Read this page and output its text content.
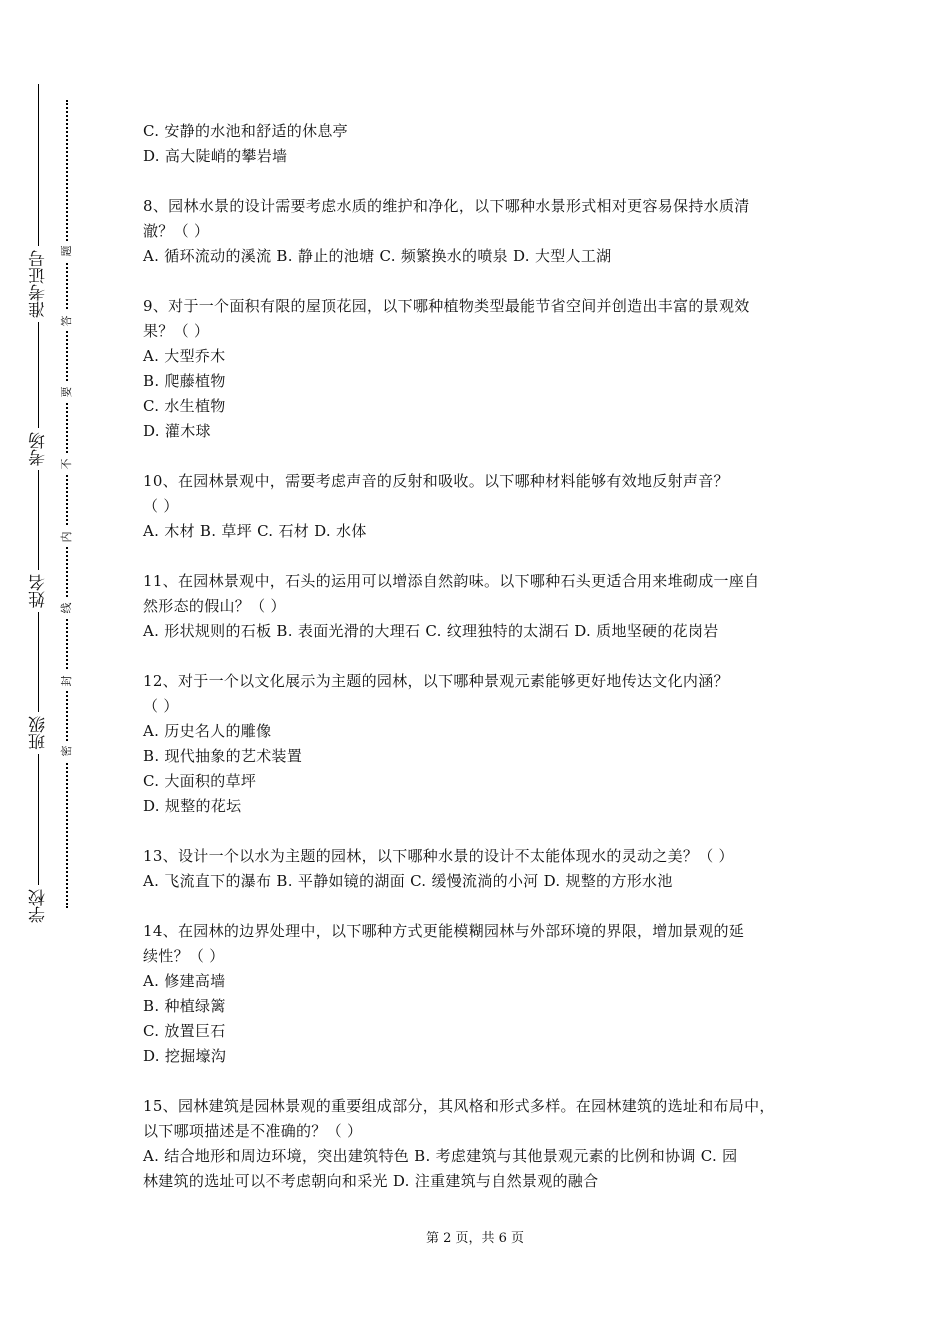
准考证号
考场
姓名
班级
学校
题
答
要
不
内
线
封
密
C. 安静的水池和舒适的休息亭
D. 高大陡峭的攀岩墙
8、园林水景的设计需要考虑水质的维护和净化，以下哪种水景形式相对更容易保持水质清
澈？（ ）
A. 循环流动的溪流 B. 静止的池塘 C. 频繁换水的喷泉 D. 大型人工湖
9、对于一个面积有限的屋顶花园，以下哪种植物类型最能节省空间并创造出丰富的景观效
果？（ ）
A. 大型乔木
B. 爬藤植物
C. 水生植物
D. 灌木球
10、在园林景观中，需要考虑声音的反射和吸收。以下哪种材料能够有效地反射声音？
（ ）
A. 木材 B. 草坪 C. 石材 D. 水体
11、在园林景观中，石头的运用可以增添自然韵味。以下哪种石头更适合用来堆砌成一座自
然形态的假山？（ ）
A. 形状规则的石板 B. 表面光滑的大理石 C. 纹理独特的太湖石 D. 质地坚硬的花岗岩
12、对于一个以文化展示为主题的园林，以下哪种景观元素能够更好地传达文化内涵？
（ ）
A. 历史名人的雕像
B. 现代抽象的艺术装置
C. 大面积的草坪
D. 规整的花坛
13、设计一个以水为主题的园林，以下哪种水景的设计不太能体现水的灵动之美？（ ）
A. 飞流直下的瀑布 B. 平静如镜的湖面 C. 缓慢流淌的小河 D. 规整的方形水池
14、在园林的边界处理中，以下哪种方式更能模糊园林与外部环境的界限，增加景观的延
续性？（ ）
A. 修建高墙
B. 种植绿篱
C. 放置巨石
D. 挖掘壕沟
15、园林建筑是园林景观的重要组成部分，其风格和形式多样。在园林建筑的选址和布局中，
以下哪项描述是不准确的？（ ）
A. 结合地形和周边环境，突出建筑特色 B. 考虑建筑与其他景观元素的比例和协调 C. 园
林建筑的选址可以不考虑朝向和采光 D. 注重建筑与自然景观的融合
第 2 页，共 6 页
